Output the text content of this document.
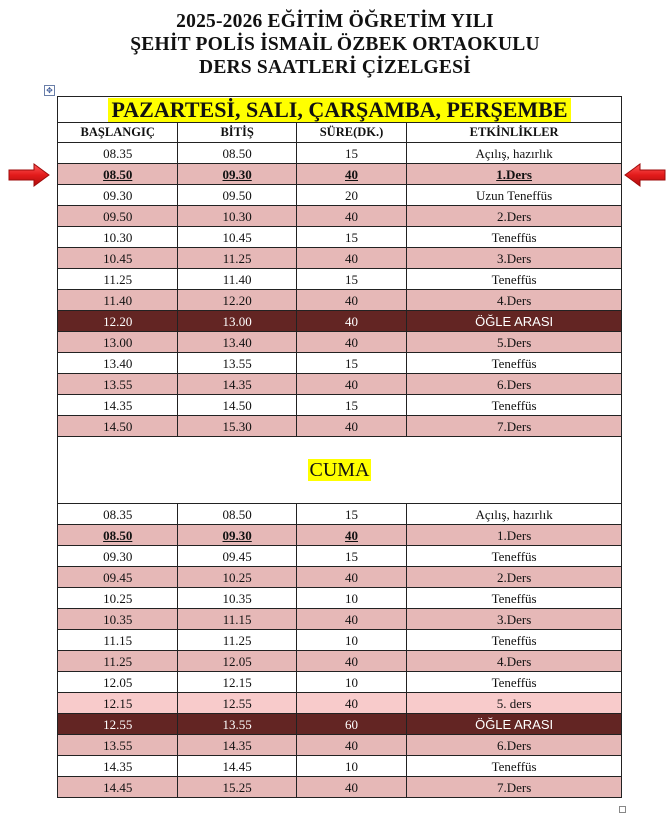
2025-2026 EĞİTİM ÖĞRETİM YILI
ŞEHİT POLİS İSMAİL ÖZBEK ORTAOKULU
DERS SAATLERİ ÇİZELGESİ
✥
PAZARTESİ, SALI, ÇARŞAMBA, PERŞEMBE			
BAŞLANGIÇ	BİTİŞ	SÜRE(DK.)	ETKİNLİKLER
08.35	08.50	15	Açılış, hazırlık
08.50	09.30	40	1.Ders
09.30	09.50	20	Uzun Teneffüs
09.50	10.30	40	2.Ders
10.30	10.45	15	Teneffüs
10.45	11.25	40	3.Ders
11.25	11.40	15	Teneffüs
11.40	12.20	40	4.Ders
12.20	13.00	40	ÖĞLE ARASI
13.00	13.40	40	5.Ders
13.40	13.55	15	Teneffüs
13.55	14.35	40	6.Ders
14.35	14.50	15	Teneffüs
14.50	15.30	40	7.Ders
CUMA			
08.35	08.50	15	Açılış, hazırlık
08.50	09.30	40	1.Ders
09.30	09.45	15	Teneffüs
09.45	10.25	40	2.Ders
10.25	10.35	10	Teneffüs
10.35	11.15	40	3.Ders
11.15	11.25	10	Teneffüs
11.25	12.05	40	4.Ders
12.05	12.15	10	Teneffüs
12.15	12.55	40	5. ders
12.55	13.55	60	ÖĞLE ARASI
13.55	14.35	40	6.Ders
14.35	14.45	10	Teneffüs
14.45	15.25	40	7.Ders
